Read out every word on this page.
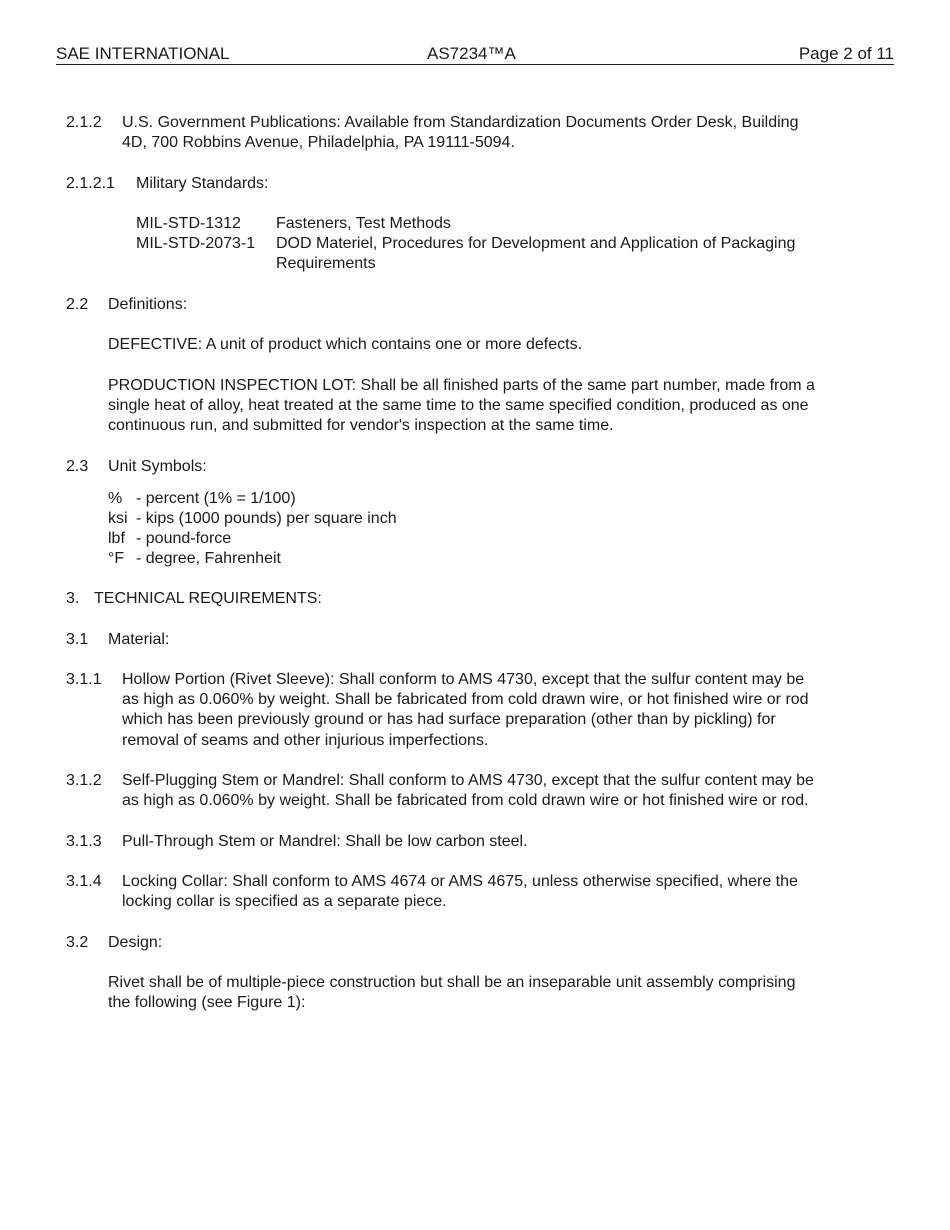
SAE INTERNATIONAL	AS7234™A	Page 2 of 11
2.1.2 U.S. Government Publications: Available from Standardization Documents Order Desk, Building
4D, 700 Robbins Avenue, Philadelphia, PA 19111-5094.
2.1.2.1 Military Standards:
MIL-STD-1312 Fasteners, Test Methods
MIL-STD-2073-1 DOD Materiel, Procedures for Development and Application of Packaging
Requirements
2.2 Definitions:
DEFECTIVE: A unit of product which contains one or more defects.
PRODUCTION INSPECTION LOT: Shall be all finished parts of the same part number, made from a
single heat of alloy, heat treated at the same time to the same specified condition, produced as one
continuous run, and submitted for vendor's inspection at the same time.
2.3 Unit Symbols:
% - percent (1% = 1/100)
ksi - kips (1000 pounds) per square inch
lbf - pound-force
°F - degree, Fahrenheit
3. TECHNICAL REQUIREMENTS:
3.1 Material:
3.1.1 Hollow Portion (Rivet Sleeve): Shall conform to AMS 4730, except that the sulfur content may be
as high as 0.060% by weight. Shall be fabricated from cold drawn wire, or hot finished wire or rod
which has been previously ground or has had surface preparation (other than by pickling) for
removal of seams and other injurious imperfections.
3.1.2 Self-Plugging Stem or Mandrel: Shall conform to AMS 4730, except that the sulfur content may be
as high as 0.060% by weight. Shall be fabricated from cold drawn wire or hot finished wire or rod.
3.1.3 Pull-Through Stem or Mandrel: Shall be low carbon steel.
3.1.4 Locking Collar: Shall conform to AMS 4674 or AMS 4675, unless otherwise specified, where the
locking collar is specified as a separate piece.
3.2 Design:
Rivet shall be of multiple-piece construction but shall be an inseparable unit assembly comprising
the following (see Figure 1):
